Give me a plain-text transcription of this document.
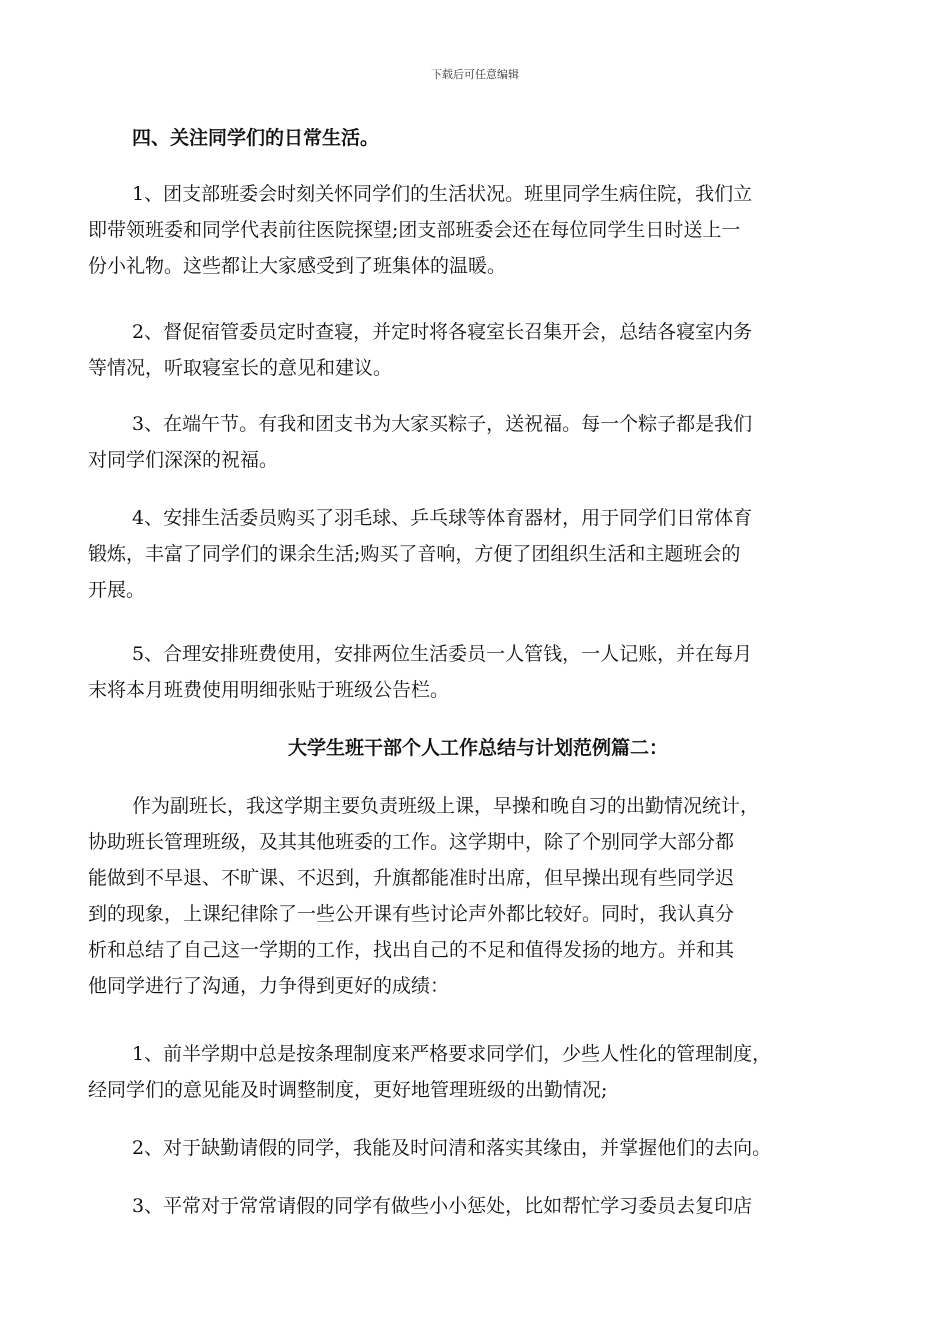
下载后可任意编辑
四、关注同学们的日常生活。
1、团支部班委会时刻关怀同学们的生活状况。班里同学生病住院，我们立
即带领班委和同学代表前往医院探望;团支部班委会还在每位同学生日时送上一
份小礼物。这些都让大家感受到了班集体的温暖。
2、督促宿管委员定时查寝，并定时将各寝室长召集开会，总结各寝室内务
等情况，听取寝室长的意见和建议。
3、在端午节。有我和团支书为大家买粽子，送祝福。每一个粽子都是我们
对同学们深深的祝福。
4、安排生活委员购买了羽毛球、乒乓球等体育器材，用于同学们日常体育
锻炼，丰富了同学们的课余生活;购买了音响，方便了团组织生活和主题班会的
开展。
5、合理安排班费使用，安排两位生活委员一人管钱，一人记账，并在每月
末将本月班费使用明细张贴于班级公告栏。
大学生班干部个人工作总结与计划范例篇二：
作为副班长，我这学期主要负责班级上课，早操和晚自习的出勤情况统计，
协助班长管理班级，及其其他班委的工作。这学期中，除了个别同学大部分都
能做到不早退、不旷课、不迟到，升旗都能准时出席，但早操出现有些同学迟
到的现象，上课纪律除了一些公开课有些讨论声外都比较好。同时，我认真分
析和总结了自己这一学期的工作，找出自己的不足和值得发扬的地方。并和其
他同学进行了沟通，力争得到更好的成绩：
1、前半学期中总是按条理制度来严格要求同学们，少些人性化的管理制度，
经同学们的意见能及时调整制度，更好地管理班级的出勤情况;
2、对于缺勤请假的同学，我能及时问清和落实其缘由，并掌握他们的去向。
3、平常对于常常请假的同学有做些小小惩处，比如帮忙学习委员去复印店
